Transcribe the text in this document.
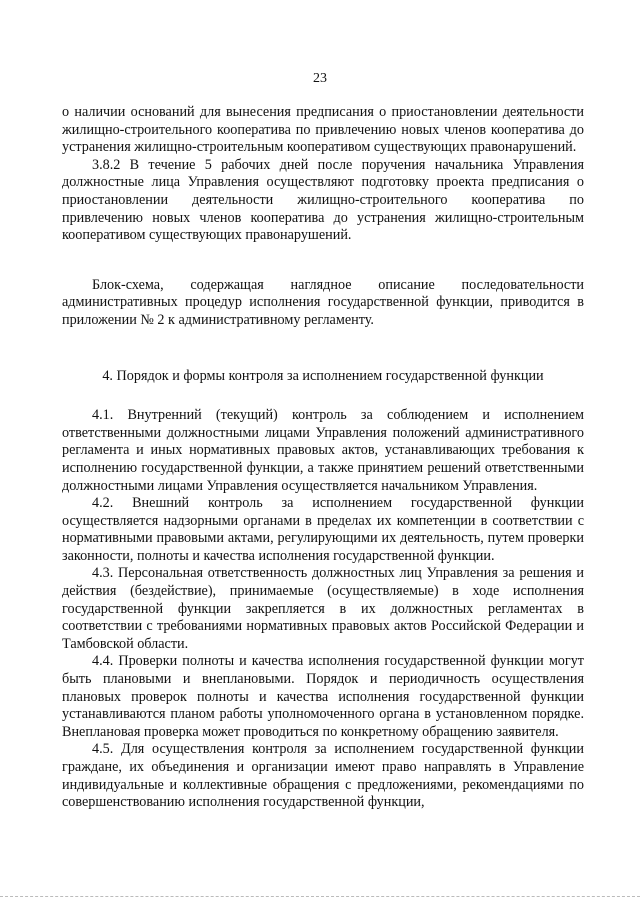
23

о наличии оснований для вынесения предписания о приостановлении деятельности жилищно-строительного кооператива по привлечению новых членов кооператива до устранения жилищно-строительным кооперативом существующих правонарушений.

3.8.2 В течение 5 рабочих дней после поручения начальника Управления должностные лица Управления осуществляют подготовку проекта предписания о приостановлении деятельности жилищно-строительного кооператива по привлечению новых членов кооператива до устранения жилищно-строительным кооперативом существующих правонарушений.

Блок-схема, содержащая наглядное описание последовательности административных процедур исполнения государственной функции, приводится в приложении № 2 к административному регламенту.

4. Порядок и формы контроля за исполнением государственной функции

4.1. Внутренний (текущий) контроль за соблюдением и исполнением ответственными должностными лицами Управления положений административного регламента и иных нормативных правовых актов, устанавливающих требования к исполнению государственной функции, а также принятием решений ответственными должностными лицами Управления осуществляется начальником Управления.

4.2. Внешний контроль за исполнением государственной функции осуществляется надзорными органами в пределах их компетенции в соответствии с нормативными правовыми актами, регулирующими их деятельность, путем проверки законности, полноты и качества исполнения государственной функции.

4.3. Персональная ответственность должностных лиц Управления за решения и действия (бездействие), принимаемые (осуществляемые) в ходе исполнения государственной функции закрепляется в их должностных регламентах в соответствии с требованиями нормативных правовых актов Российской Федерации и Тамбовской области.

4.4. Проверки полноты и качества исполнения государственной функции могут быть плановыми и внеплановыми. Порядок и периодичность осуществления плановых проверок полноты и качества исполнения государственной функции устанавливаются планом работы уполномоченного органа в установленном порядке. Внеплановая проверка может проводиться по конкретному обращению заявителя.

4.5. Для осуществления контроля за исполнением государственной функции граждане, их объединения и организации имеют право направлять в Управление индивидуальные и коллективные обращения с предложениями, рекомендациями по совершенствованию исполнения государственной функции,
